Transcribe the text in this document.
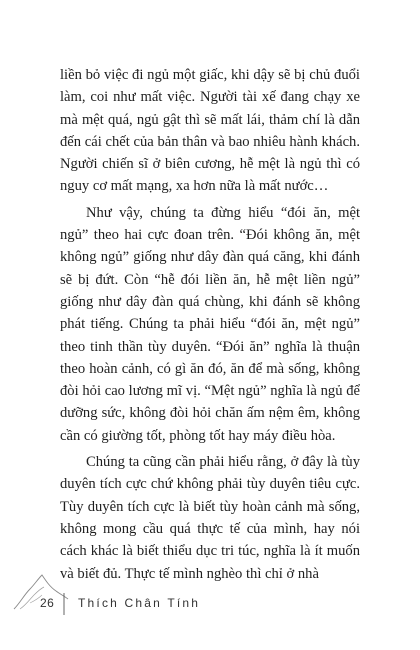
liền bỏ việc đi ngủ một giấc, khi dậy sẽ bị chủ đuổi làm, coi như mất việc. Người tài xế đang chạy xe mà mệt quá, ngủ gật thì sẽ mất lái, thảm chí là dẫn đến cái chết của bản thân và bao nhiêu hành khách. Người chiến sĩ ở biên cương, hễ mệt là ngủ thì có nguy cơ mất mạng, xa hơn nữa là mất nước…

Như vậy, chúng ta đừng hiểu “đói ăn, mệt ngủ” theo hai cực đoan trên. “Đói không ăn, mệt không ngủ” giống như dây đàn quá căng, khi đánh sẽ bị đứt. Còn “hễ đói liền ăn, hễ mệt liền ngủ” giống như dây đàn quá chùng, khi đánh sẽ không phát tiếng. Chúng ta phải hiểu “đói ăn, mệt ngủ” theo tinh thần tùy duyên. “Đói ăn” nghĩa là thuận theo hoàn cảnh, có gì ăn đó, ăn để mà sống, không đòi hỏi cao lương mĩ vị. “Mệt ngủ” nghĩa là ngủ để dưỡng sức, không đòi hỏi chăn ấm nệm êm, không cần có giường tốt, phòng tốt hay máy điều hòa.

Chúng ta cũng cần phải hiểu rằng, ở đây là tùy duyên tích cực chứ không phải tùy duyên tiêu cực. Tùy duyên tích cực là biết tùy hoàn cảnh mà sống, không mong cầu quá thực tế của mình, hay nói cách khác là biết thiểu dục tri túc, nghĩa là ít muốn và biết đủ. Thực tế mình nghèo thì chỉ ở nhà

26 Thích Chân Tính
